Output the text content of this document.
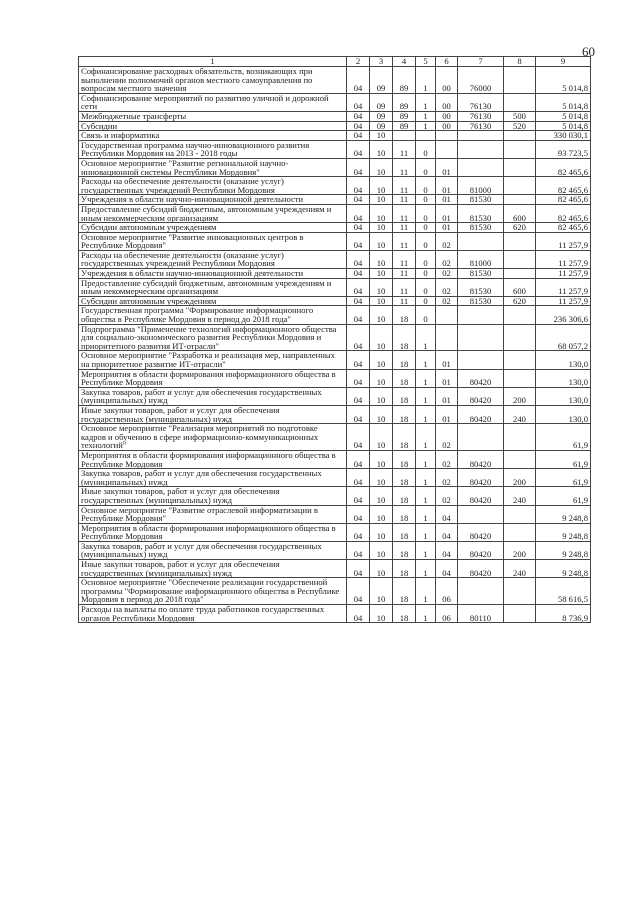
60
1	2	3	4	5	6	7	8	9
Софинансирование расходных обязательств, возникающих при выполнении полномочий органов местного самоуправления по вопросам местного значения	04	09	89	1	00	76000		5 014,8
Софинансирование мероприятий по развитию уличной и дорожной сети	04	09	89	1	00	76130		5 014,8
Межбюджетные трансферты	04	09	89	1	00	76130	500	5 014,8
Субсидии	04	09	89	1	00	76130	520	5 014,8
Связь и информатика	04	10						330 030,1
Государственная программа научно-инновационного развития Республики Мордовия на 2013 - 2018 годы	04	10	11	0				93 723,5
Основное мероприятие "Развитие региональной научно-инновационной системы Республики Мордовия"	04	10	11	0	01			82 465,6
Расходы на обеспечение деятельности (оказание услуг) государственных учреждений Республики Мордовия	04	10	11	0	01	81000		82 465,6
Учреждения в области научно-инновационной деятельности	04	10	11	0	01	81530		82 465,6
Предоставление субсидий бюджетным, автономным учреждениям и иным некоммерческим организациям	04	10	11	0	01	81530	600	82 465,6
Субсидии автономным учреждениям	04	10	11	0	01	81530	620	82 465,6
Основное мероприятие "Развитие инновационных центров в Республике Мордовия"	04	10	11	0	02			11 257,9
Расходы на обеспечение деятельности (оказание услуг) государственных учреждений Республики Мордовия	04	10	11	0	02	81000		11 257,9
Учреждения в области научно-инновационной деятельности	04	10	11	0	02	81530		11 257,9
Предоставление субсидий бюджетным, автономным учреждениям и иным некоммерческим организациям	04	10	11	0	02	81530	600	11 257,9
Субсидии автономным учреждениям	04	10	11	0	02	81530	620	11 257,9
Государственная программа "Формирование информационного общества в Республике Мордовия в период до 2018 года"	04	10	18	0				236 306,6
Подпрограмма "Применение технологий информационного общества для социально-экономического развития Республики Мордовия и приоритетного развития ИТ-отрасли"	04	10	18	1				68 057,2
Основное мероприятие "Разработка и реализация мер, направленных на приоритетное развитие ИТ-отрасли"	04	10	18	1	01			130,0
Мероприятия в области формирования информационного общества в Республике Мордовия	04	10	18	1	01	80420		130,0
Закупка товаров, работ и услуг для обеспечения государственных (муниципальных) нужд	04	10	18	1	01	80420	200	130,0
Иные закупки товаров, работ и услуг для обеспечения государственных (муниципальных) нужд	04	10	18	1	01	80420	240	130,0
Основное мероприятие "Реализация мероприятий по подготовке кадров и обучению в сфере информационно-коммуникационных технологий"	04	10	18	1	02			61,9
Мероприятия в области формирования информационного общества в Республике Мордовия	04	10	18	1	02	80420		61,9
Закупка товаров, работ и услуг для обеспечения государственных (муниципальных) нужд	04	10	18	1	02	80420	200	61,9
Иные закупки товаров, работ и услуг для обеспечения государственных (муниципальных) нужд	04	10	18	1	02	80420	240	61,9
Основное мероприятие "Развитие отраслевой информатизации в Республике Мордовия"	04	10	18	1	04			9 248,8
Мероприятия в области формирования информационного общества в Республике Мордовия	04	10	18	1	04	80420		9 248,8
Закупка товаров, работ и услуг для обеспечения государственных (муниципальных) нужд	04	10	18	1	04	80420	200	9 248,8
Иные закупки товаров, работ и услуг для обеспечения государственных (муниципальных) нужд	04	10	18	1	04	80420	240	9 248,8
Основное мероприятие "Обеспечение реализации государственной программы "Формирование информационного общества в Республике Мордовия в период до 2018 года"	04	10	18	1	06			58 616,5
Расходы на выплаты по оплате труда работников государственных органов Республики Мордовия	04	10	18	1	06	80110		8 736,9
